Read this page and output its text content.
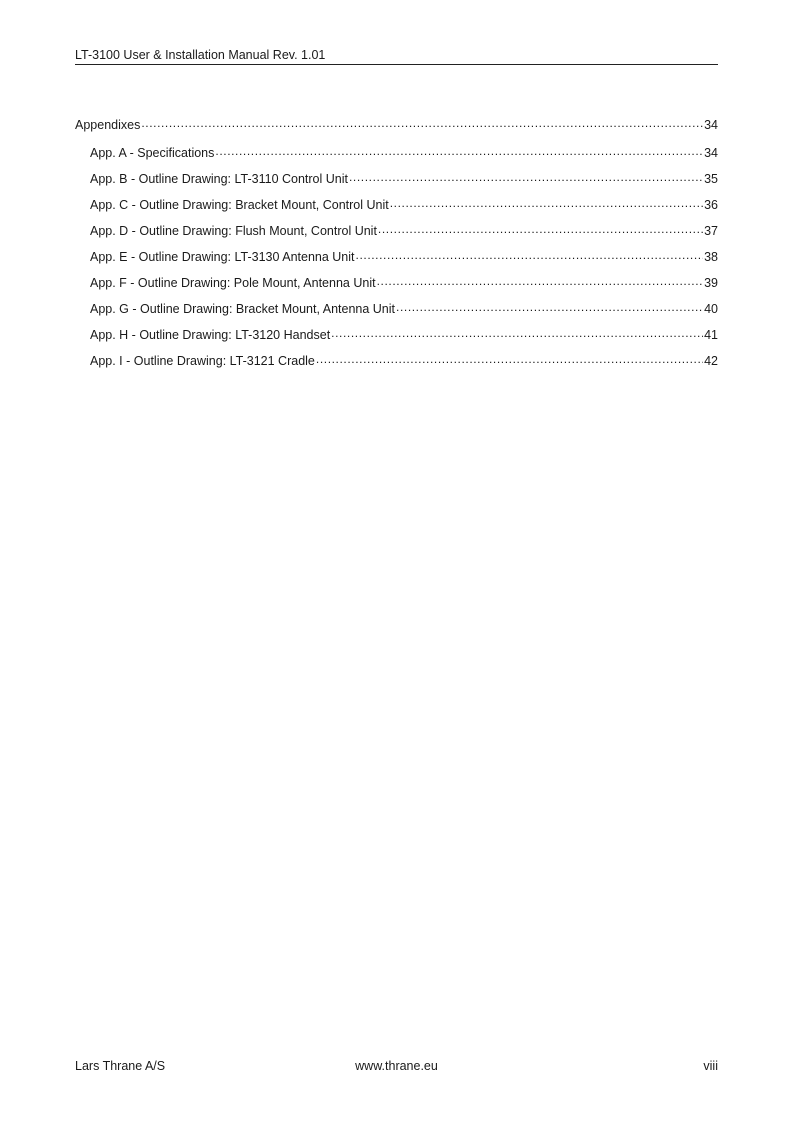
LT-3100 User & Installation Manual Rev. 1.01
Appendixes .....	34
App. A - Specifications .....	34
App. B - Outline Drawing: LT-3110 Control Unit .....	35
App. C - Outline Drawing: Bracket Mount, Control Unit .....	36
App. D - Outline Drawing: Flush Mount, Control Unit .....	37
App. E - Outline Drawing: LT-3130 Antenna Unit .....	38
App. F - Outline Drawing: Pole Mount, Antenna Unit .....	39
App. G - Outline Drawing: Bracket Mount, Antenna Unit .....	40
App. H - Outline Drawing: LT-3120 Handset .....	41
App. I - Outline Drawing: LT-3121 Cradle .....	42
Lars Thrane A/S	www.thrane.eu	viii
